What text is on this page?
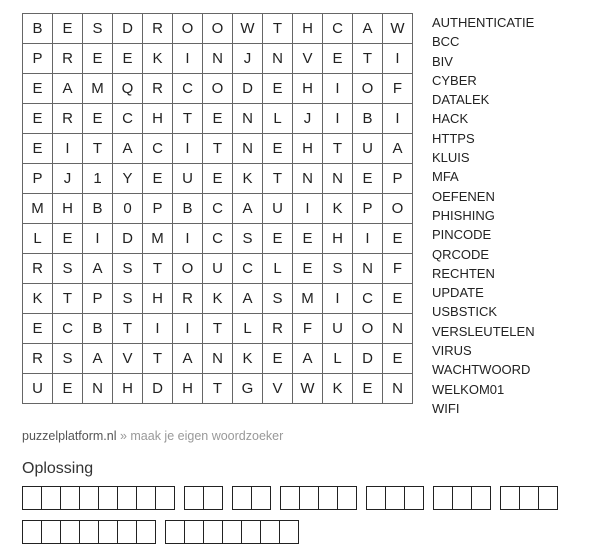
B	E	S	D	R	O	O	W	T	H	C	A	W
P	R	E	E	K	I	N	J	N	V	E	T	I
E	A	M	Q	R	C	O	D	E	H	I	O	F
E	R	E	C	H	T	E	N	L	J	I	B	I
E	I	T	A	C	I	T	N	E	H	T	U	A
P	J	1	Y	E	U	E	K	T	N	N	E	P
M	H	B	0	P	B	C	A	U	I	K	P	O
L	E	I	D	M	I	C	S	E	E	H	I	E
R	S	A	S	T	O	U	C	L	E	S	N	F
K	T	P	S	H	R	K	A	S	M	I	C	E
E	C	B	T	I	I	T	L	R	F	U	O	N
R	S	A	V	T	A	N	K	E	A	L	D	E
U	E	N	H	D	H	T	G	V	W	K	E	N
AUTHENTICATIE
BCC
BIV
CYBER
DATALEK
HACK
HTTPS
KLUIS
MFA
OEFENEN
PHISHING
PINCODE
QRCODE
RECHTEN
UPDATE
USBSTICK
VERSLEUTELEN
VIRUS
WACHTWOORD
WELKOM01
WIFI
puzzelplatform.nl » maak je eigen woordzoeker
Oplossing
